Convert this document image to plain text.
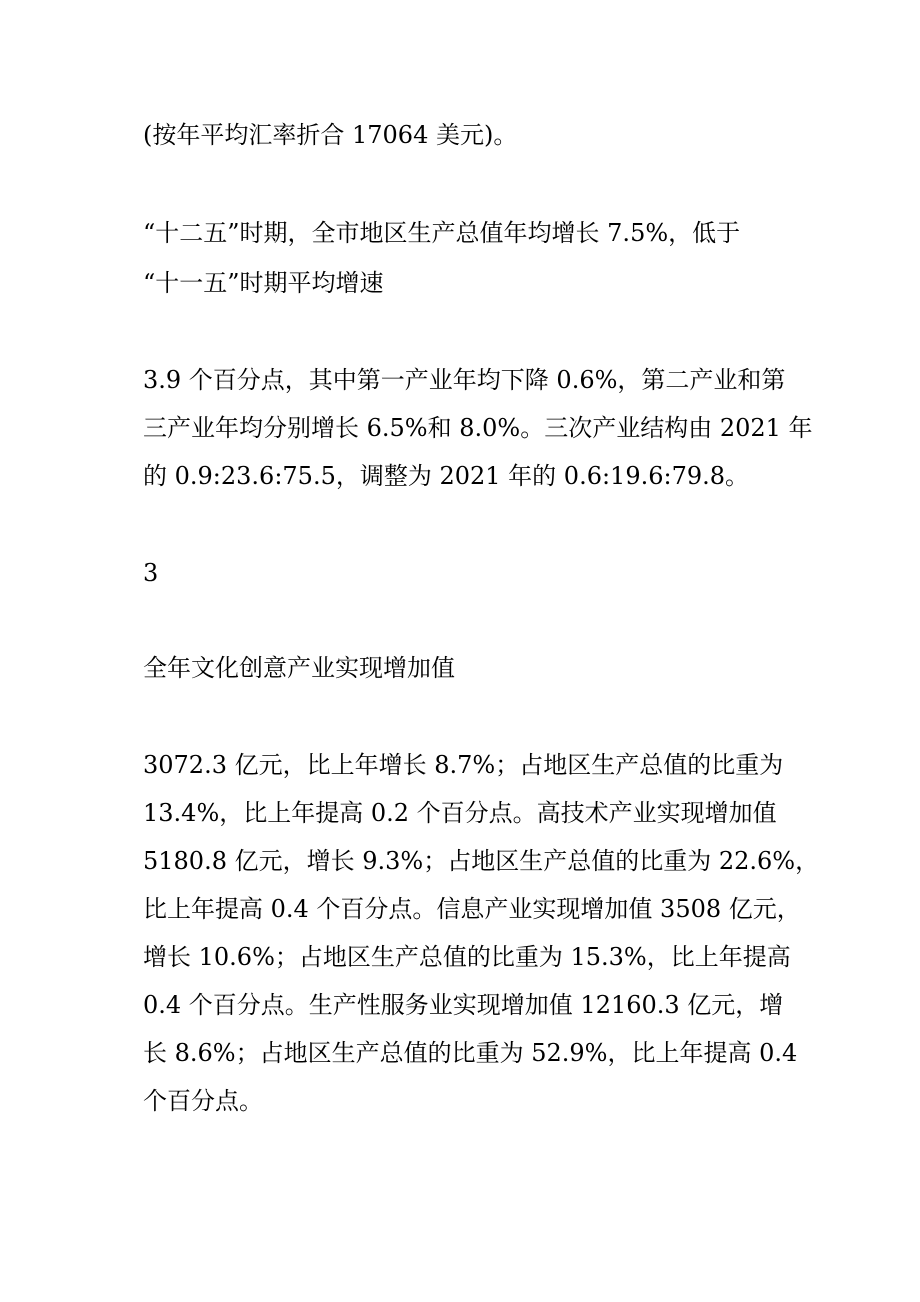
(按年平均汇率折合 17064 美元)。

“十二五”时期，全市地区生产总值年均增长 7.5%，低于

“十一五”时期平均增速

3.9 个百分点，其中第一产业年均下降 0.6%，第二产业和第

三产业年均分别增长 6.5%和 8.0%。三次产业结构由 2021 年

的 0.9:23.6:75.5，调整为 2021 年的 0.6:19.6:79.8。

3

全年文化创意产业实现增加值

3072.3 亿元，比上年增长 8.7%；占地区生产总值的比重为

13.4%，比上年提高 0.2 个百分点。高技术产业实现增加值

5180.8 亿元，增长 9.3%；占地区生产总值的比重为 22.6%，

比上年提高 0.4 个百分点。信息产业实现增加值 3508 亿元，

增长 10.6%；占地区生产总值的比重为 15.3%，比上年提高

0.4 个百分点。生产性服务业实现增加值 12160.3 亿元，增

长 8.6%；占地区生产总值的比重为 52.9%，比上年提高 0.4

个百分点。
